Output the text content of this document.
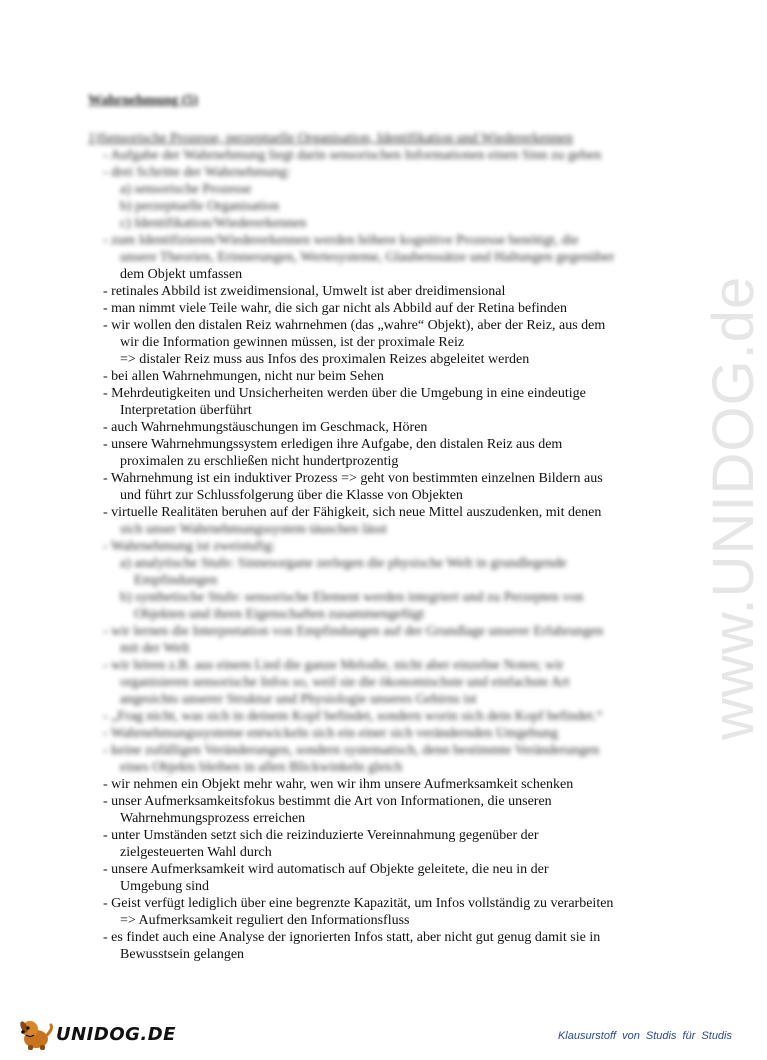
www.UNIDOG.de
Wahrnehmung (5)
1)Sensorische Prozesse, perzeptuelle Organisation, Identifikation und Wiedererkennen
- Aufgabe der Wahrnehmung liegt darin sensorischen Informationen einen Sinn zu geben
- drei Schritte der Wahrnehmung:
a) sensorische Prozesse
b) perzeptuelle Organisation
c) Identifikation/Wiedererkennen
- zum Identifizieren/Wiedererkennen werden höhere kognitive Prozesse benötigt, die
unsere Theorien, Erinnerungen, Wertesysteme, Glaubenssätze und Haltungen gegenüber
dem Objekt umfassen
- retinales Abbild ist zweidimensional, Umwelt ist aber dreidimensional
- man nimmt viele Teile wahr, die sich gar nicht als Abbild auf der Retina befinden
- wir wollen den distalen Reiz wahrnehmen (das „wahre“ Objekt), aber der Reiz, aus dem
wir die Information gewinnen müssen, ist der proximale Reiz
=> distaler Reiz muss aus Infos des proximalen Reizes abgeleitet werden
- bei allen Wahrnehmungen, nicht nur beim Sehen
- Mehrdeutigkeiten und Unsicherheiten werden über die Umgebung in eine eindeutige
Interpretation überführt
- auch Wahrnehmungstäuschungen im Geschmack, Hören
- unsere Wahrnehmungssystem erledigen ihre Aufgabe, den distalen Reiz aus dem
proximalen zu erschließen nicht hundertprozentig
- Wahrnehmung ist ein induktiver Prozess => geht von bestimmten einzelnen Bildern aus
und führt zur Schlussfolgerung über die Klasse von Objekten
- virtuelle Realitäten beruhen auf der Fähigkeit, sich neue Mittel auszudenken, mit denen
sich unser Wahrnehmungssystem täuschen lässt
- Wahrnehmung ist zweistufig:
a) analytische Stufe: Sinnesorgane zerlegen die physische Welt in grundlegende
Empfindungen
b) synthetische Stufe: sensorische Element werden integriert und zu Perzepten von
Objekten und ihren Eigenschaften zusammengefügt
- wir lernen die Interpretation von Empfindungen auf der Grundlage unserer Erfahrungen
mit der Welt
- wir hören z.B. aus einem Lied die ganze Melodie, nicht aber einzelne Noten; wir
organisieren sensorische Infos so, weil sie die ökonomischste und einfachste Art
angesichts unserer Struktur und Physiologie unseres Gehirns ist
- „Frag nicht, was sich in deinem Kopf befindet, sondern worin sich dein Kopf befindet.“
- Wahrnehmungssysteme entwickeln sich ein einer sich verändernden Umgebung
- keine zufälligen Veränderungen, sondern systematisch, denn bestimmte Veränderungen
eines Objekts bleiben in allen Blickwinkeln gleich
- wir nehmen ein Objekt mehr wahr, wen wir ihm unsere Aufmerksamkeit schenken
- unser Aufmerksamkeitsfokus bestimmt die Art von Informationen, die unseren
Wahrnehmungsprozess erreichen
- unter Umständen setzt sich die reizinduzierte Vereinnahmung gegenüber der
zielgesteuerten Wahl durch
- unsere Aufmerksamkeit wird automatisch auf Objekte geleitete, die neu in der
Umgebung sind
- Geist verfügt lediglich über eine begrenzte Kapazität, um Infos vollständig zu verarbeiten
=> Aufmerksamkeit reguliert den Informationsfluss
- es findet auch eine Analyse der ignorierten Infos statt, aber nicht gut genug damit sie in
Bewusstsein gelangen
UNIDOG.DE	Klausurstoff von Studis für Studis
